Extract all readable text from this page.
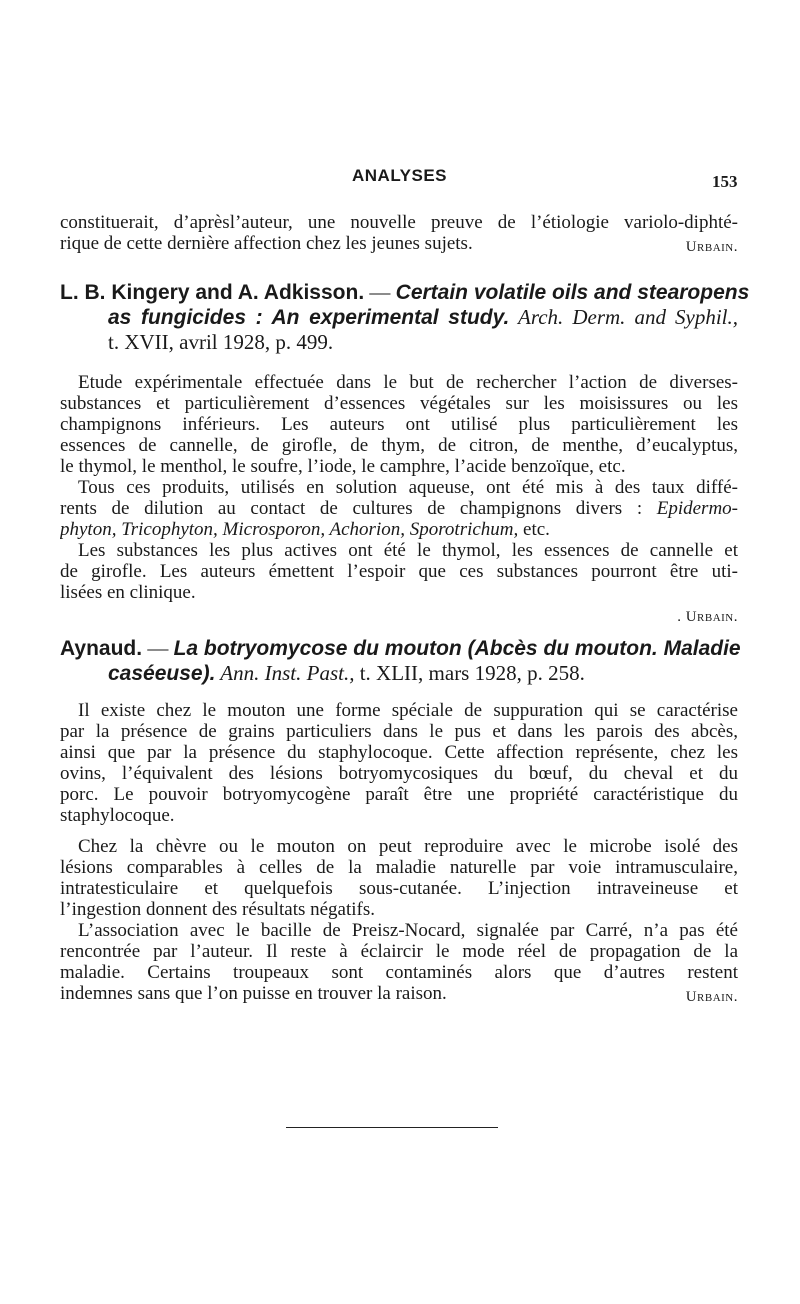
ANALYSES	153
constituerait, d’aprèsl’auteur, une nouvelle preuve de l’étiologie variolo-diphté-
rique de cette dernière affection chez les jeunes sujets.	Urbain.
L. B. Kingery and A. Adkisson. — Certain volatile oils and stearopens
as fungicides : An experimental study. Arch. Derm. and Syphil.,
t. XVII, avril 1928, p. 499.
Etude expérimentale effectuée dans le but de rechercher l’action de diverses-
substances et particulièrement d’essences végétales sur les moisissures ou les
champignons inférieurs. Les auteurs ont utilisé plus particulièrement les
essences de cannelle, de girofle, de thym, de citron, de menthe, d’eucalyptus,
le thymol, le menthol, le soufre, l’iode, le camphre, l’acide benzoïque, etc.
Tous ces produits, utilisés en solution aqueuse, ont été mis à des taux diffé-
rents de dilution au contact de cultures de champignons divers : Epidermo-
phyton, Tricophyton, Microsporon, Achorion, Sporotrichum, etc.
Les substances les plus actives ont été le thymol, les essences de cannelle et
de girofle. Les auteurs émettent l’espoir que ces substances pourront être uti-
lisées en clinique.
. Urbain.
Aynaud. — La botryomycose du mouton (Abcès du mouton. Maladie
caséeuse). Ann. Inst. Past., t. XLII, mars 1928, p. 258.
Il existe chez le mouton une forme spéciale de suppuration qui se caractérise
par la présence de grains particuliers dans le pus et dans les parois des abcès,
ainsi que par la présence du staphylocoque. Cette affection représente, chez les
ovins, l’équivalent des lésions botryomycosiques du bœuf, du cheval et du
porc. Le pouvoir botryomycogène paraît être une propriété caractéristique du
staphylocoque.
Chez la chèvre ou le mouton on peut reproduire avec le microbe isolé des
lésions comparables à celles de la maladie naturelle par voie intramusculaire,
intratesticulaire et quelquefois sous-cutanée. L’injection intraveineuse et
l’ingestion donnent des résultats négatifs.
L’association avec le bacille de Preisz-Nocard, signalée par Carré, n’a pas été
rencontrée par l’auteur. Il reste à éclaircir le mode réel de propagation de la
maladie. Certains troupeaux sont contaminés alors que d’autres restent
indemnes sans que l’on puisse en trouver la raison.	Urbain.
